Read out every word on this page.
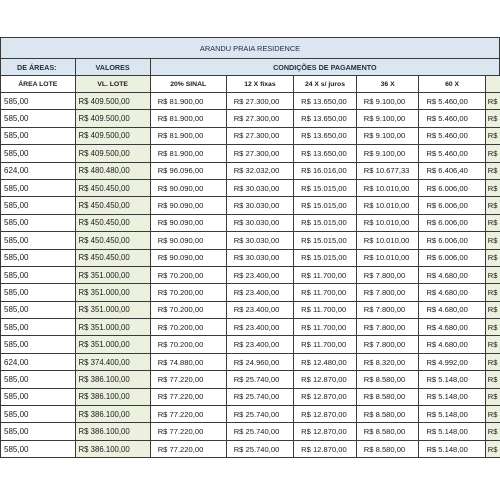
ARANDU PRAIA RESIDENCE							
DE ÁREAS:	VALORES	CONDIÇÕES DE PAGAMENTO					
ÁREA LOTE	VL. LOTE	20% SINAL	12 X fixas	24 X s/ juros	36 X	60 X	
585,00	R$ 409.500,00	R$ 81.900,00	R$ 27.300,00	R$ 13.650,00	R$ 9.100,00	R$ 5.460,00	R$
585,00	R$ 409.500,00	R$ 81.900,00	R$ 27.300,00	R$ 13.650,00	R$ 9.100,00	R$ 5.460,00	R$
585,00	R$ 409.500,00	R$ 81.900,00	R$ 27.300,00	R$ 13.650,00	R$ 9.100,00	R$ 5.460,00	R$
585,00	R$ 409.500,00	R$ 81.900,00	R$ 27.300,00	R$ 13.650,00	R$ 9.100,00	R$ 5.460,00	R$
624,00	R$ 480.480,00	R$ 96.096,00	R$ 32.032,00	R$ 16.016,00	R$ 10.677,33	R$ 6.406,40	R$
585,00	R$ 450.450,00	R$ 90.090,00	R$ 30.030,00	R$ 15.015,00	R$ 10.010,00	R$ 6.006,00	R$
585,00	R$ 450.450,00	R$ 90.090,00	R$ 30.030,00	R$ 15.015,00	R$ 10.010,00	R$ 6.006,00	R$
585,00	R$ 450.450,00	R$ 90.090,00	R$ 30.030,00	R$ 15.015,00	R$ 10.010,00	R$ 6.006,00	R$
585,00	R$ 450.450,00	R$ 90.090,00	R$ 30.030,00	R$ 15.015,00	R$ 10.010,00	R$ 6.006,00	R$
585,00	R$ 450.450,00	R$ 90.090,00	R$ 30.030,00	R$ 15.015,00	R$ 10.010,00	R$ 6.006,00	R$
585,00	R$ 351.000,00	R$ 70.200,00	R$ 23.400,00	R$ 11.700,00	R$ 7.800,00	R$ 4.680,00	R$
585,00	R$ 351.000,00	R$ 70.200,00	R$ 23.400,00	R$ 11.700,00	R$ 7.800,00	R$ 4.680,00	R$
585,00	R$ 351.000,00	R$ 70.200,00	R$ 23.400,00	R$ 11.700,00	R$ 7.800,00	R$ 4.680,00	R$
585,00	R$ 351.000,00	R$ 70.200,00	R$ 23.400,00	R$ 11.700,00	R$ 7.800,00	R$ 4.680,00	R$
585,00	R$ 351.000,00	R$ 70.200,00	R$ 23.400,00	R$ 11.700,00	R$ 7.800,00	R$ 4.680,00	R$
624,00	R$ 374.400,00	R$ 74.880,00	R$ 24.960,00	R$ 12.480,00	R$ 8.320,00	R$ 4.992,00	R$
585,00	R$ 386.100,00	R$ 77.220,00	R$ 25.740,00	R$ 12.870,00	R$ 8.580,00	R$ 5.148,00	R$
585,00	R$ 386.100,00	R$ 77.220,00	R$ 25.740,00	R$ 12.870,00	R$ 8.580,00	R$ 5.148,00	R$
585,00	R$ 386.100,00	R$ 77.220,00	R$ 25.740,00	R$ 12.870,00	R$ 8.580,00	R$ 5.148,00	R$
585,00	R$ 386.100,00	R$ 77.220,00	R$ 25.740,00	R$ 12.870,00	R$ 8.580,00	R$ 5.148,00	R$
585,00	R$ 386.100,00	R$ 77.220,00	R$ 25.740,00	R$ 12.870,00	R$ 8.580,00	R$ 5.148,00	R$
